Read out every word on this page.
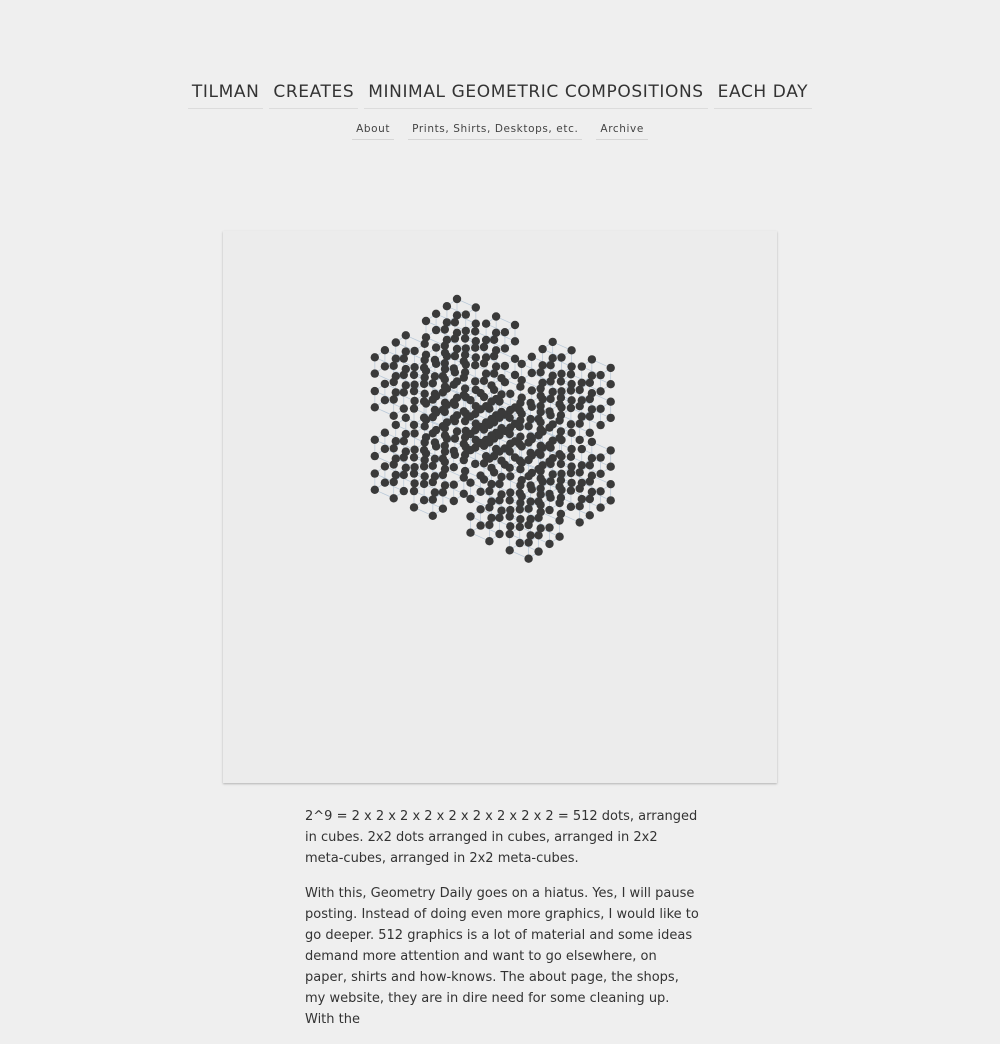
TILMAN CREATES MINIMAL GEOMETRIC COMPOSITIONS EACH DAY
About	Prints, Shirts, Desktops, etc.	Archive

2^9 = 2 x 2 x 2 x 2 x 2 x 2 x 2 x 2 x 2 = 512 dots, arranged in cubes. 2x2 dots arranged in cubes, arranged in 2x2 meta-cubes, arranged in 2x2 meta-cubes.

With this, Geometry Daily goes on a hiatus. Yes, I will pause posting. Instead of doing even more graphics, I would like to go deeper. 512 graphics is a lot of material and some ideas demand more attention and want to go elsewhere, on paper, shirts and how-knows. The about page, the shops, my website, they are in dire need for some cleaning up. With the
